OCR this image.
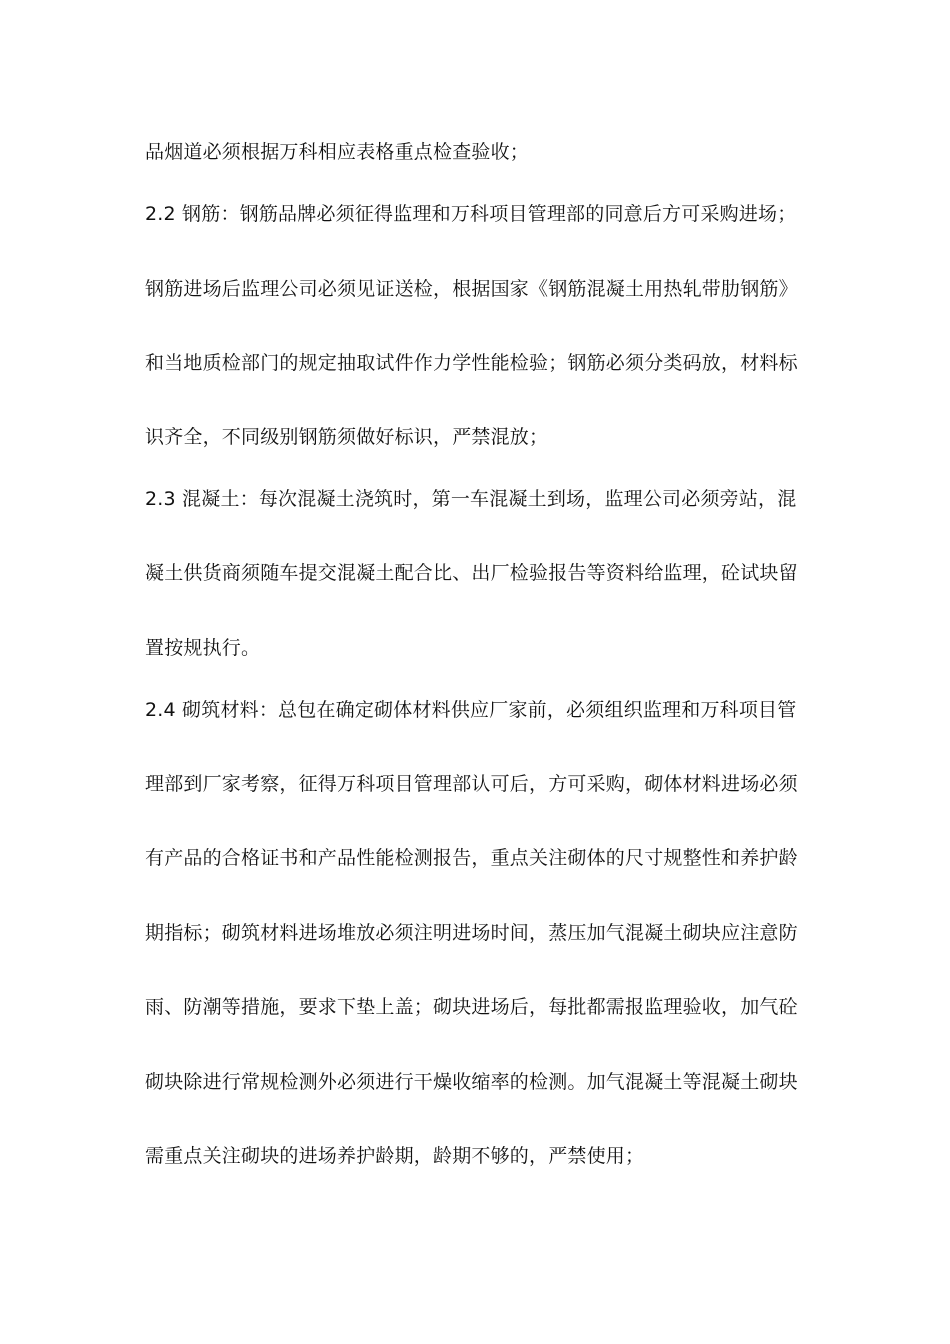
品烟道必须根据万科相应表格重点检查验收；
2.2 钢筋：钢筋品牌必须征得监理和万科项目管理部的同意后方可采购进场；
钢筋进场后监理公司必须见证送检，根据国家《钢筋混凝土用热轧带肋钢筋》
和当地质检部门的规定抽取试件作力学性能检验；钢筋必须分类码放，材料标
识齐全，不同级别钢筋须做好标识，严禁混放；
2.3 混凝土：每次混凝土浇筑时，第一车混凝土到场，监理公司必须旁站，混
凝土供货商须随车提交混凝土配合比、出厂检验报告等资料给监理，砼试块留
置按规执行。
2.4 砌筑材料：总包在确定砌体材料供应厂家前，必须组织监理和万科项目管
理部到厂家考察，征得万科项目管理部认可后，方可采购，砌体材料进场必须
有产品的合格证书和产品性能检测报告，重点关注砌体的尺寸规整性和养护龄
期指标；砌筑材料进场堆放必须注明进场时间，蒸压加气混凝土砌块应注意防
雨、防潮等措施，要求下垫上盖；砌块进场后，每批都需报监理验收，加气砼
砌块除进行常规检测外必须进行干燥收缩率的检测。加气混凝土等混凝土砌块
需重点关注砌块的进场养护龄期，龄期不够的，严禁使用；
